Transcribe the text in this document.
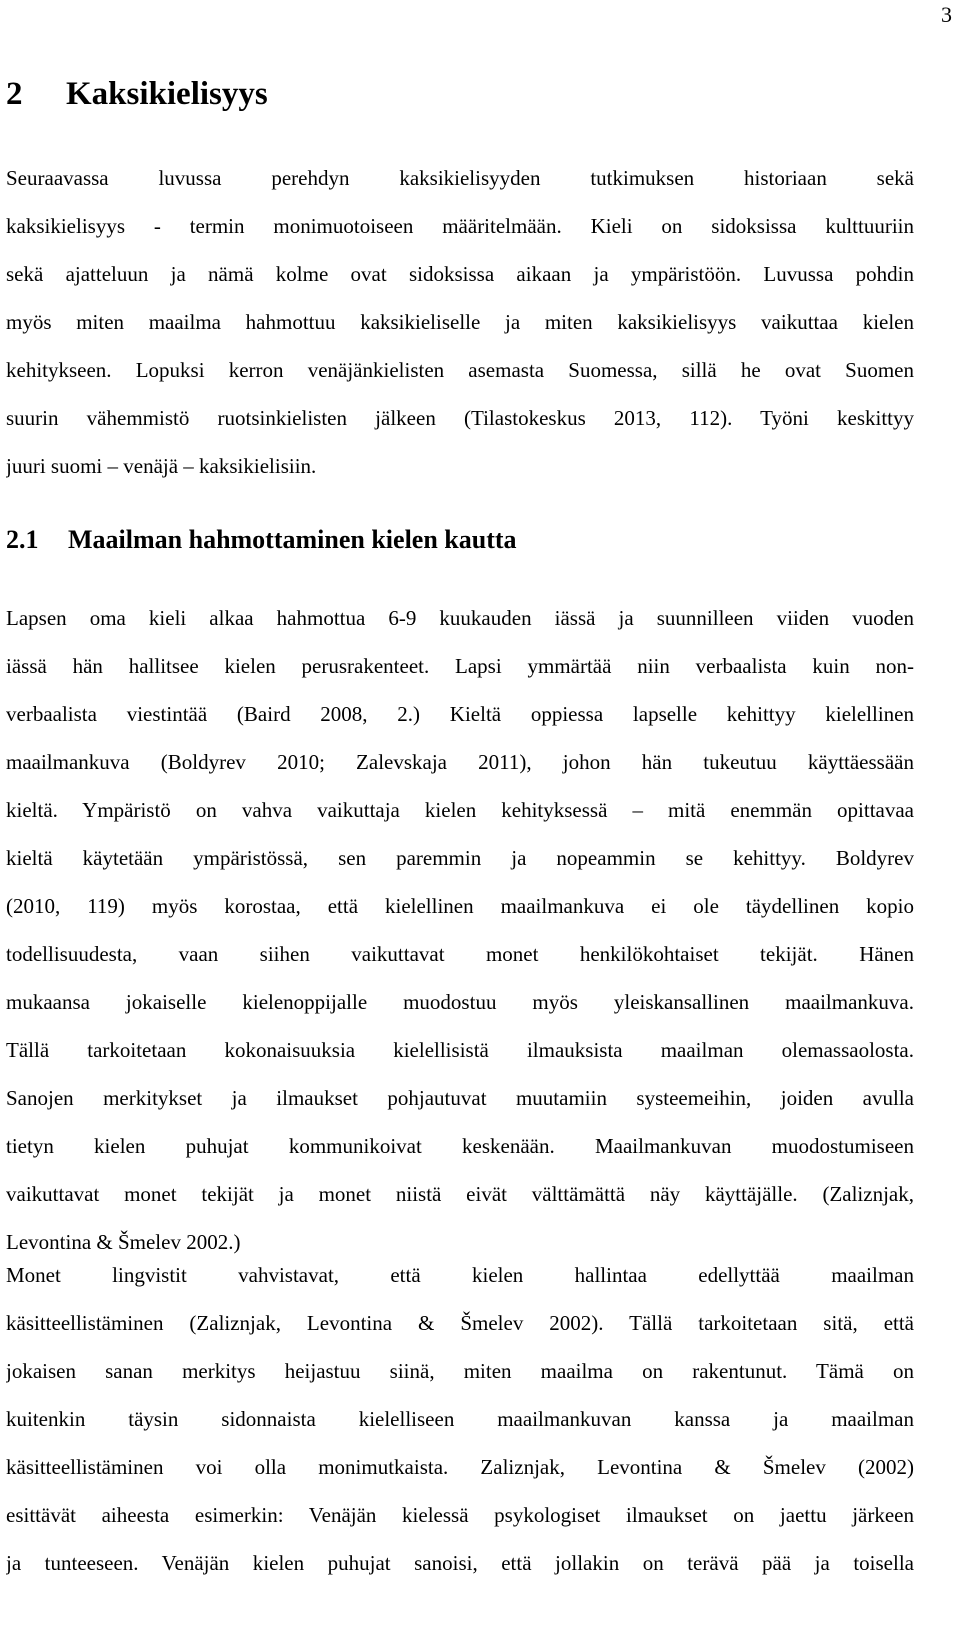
3
2 Kaksikielisyys

Seuraavassa luvussa perehdyn kaksikielisyyden tutkimuksen historiaan sekä
kaksikielisyys - termin monimuotoiseen määritelmään. Kieli on sidoksissa kulttuuriin
sekä ajatteluun ja nämä kolme ovat sidoksissa aikaan ja ympäristöön. Luvussa pohdin
myös miten maailma hahmottuu kaksikieliselle ja miten kaksikielisyys vaikuttaa kielen
kehitykseen. Lopuksi kerron venäjänkielisten asemasta Suomessa, sillä he ovat Suomen
suurin vähemmistö ruotsinkielisten jälkeen (Tilastokeskus 2013, 112). Työni keskittyy
juuri suomi – venäjä – kaksikielisiin.

2.1 Maailman hahmottaminen kielen kautta

Lapsen oma kieli alkaa hahmottua 6-9 kuukauden iässä ja suunnilleen viiden vuoden
iässä hän hallitsee kielen perusrakenteet. Lapsi ymmärtää niin verbaalista kuin non-
verbaalista viestintää (Baird 2008, 2.) Kieltä oppiessa lapselle kehittyy kielellinen
maailmankuva (Boldyrev 2010; Zalevskaja 2011), johon hän tukeutuu käyttäessään
kieltä. Ympäristö on vahva vaikuttaja kielen kehityksessä – mitä enemmän opittavaa
kieltä käytetään ympäristössä, sen paremmin ja nopeammin se kehittyy. Boldyrev
(2010, 119) myös korostaa, että kielellinen maailmankuva ei ole täydellinen kopio
todellisuudesta, vaan siihen vaikuttavat monet henkilökohtaiset tekijät. Hänen
mukaansa jokaiselle kielenoppijalle muodostuu myös yleiskansallinen maailmankuva.
Tällä tarkoitetaan kokonaisuuksia kielellisistä ilmauksista maailman olemassaolosta.
Sanojen merkitykset ja ilmaukset pohjautuvat muutamiin systeemeihin, joiden avulla
tietyn kielen puhujat kommunikoivat keskenään. Maailmankuvan muodostumiseen
vaikuttavat monet tekijät ja monet niistä eivät välttämättä näy käyttäjälle. (Zaliznjak,
Levontina & Šmelev 2002.)

Monet lingvistit vahvistavat, että kielen hallintaa edellyttää maailman
käsitteellistäminen (Zaliznjak, Levontina & Šmelev 2002). Tällä tarkoitetaan sitä, että
jokaisen sanan merkitys heijastuu siinä, miten maailma on rakentunut. Tämä on
kuitenkin täysin sidonnaista kielelliseen maailmankuvan kanssa ja maailman
käsitteellistäminen voi olla monimutkaista. Zaliznjak, Levontina & Šmelev (2002)
esittävät aiheesta esimerkin: Venäjän kielessä psykologiset ilmaukset on jaettu järkeen
ja tunteeseen. Venäjän kielen puhujat sanoisi, että jollakin on terävä pää ja toisella
